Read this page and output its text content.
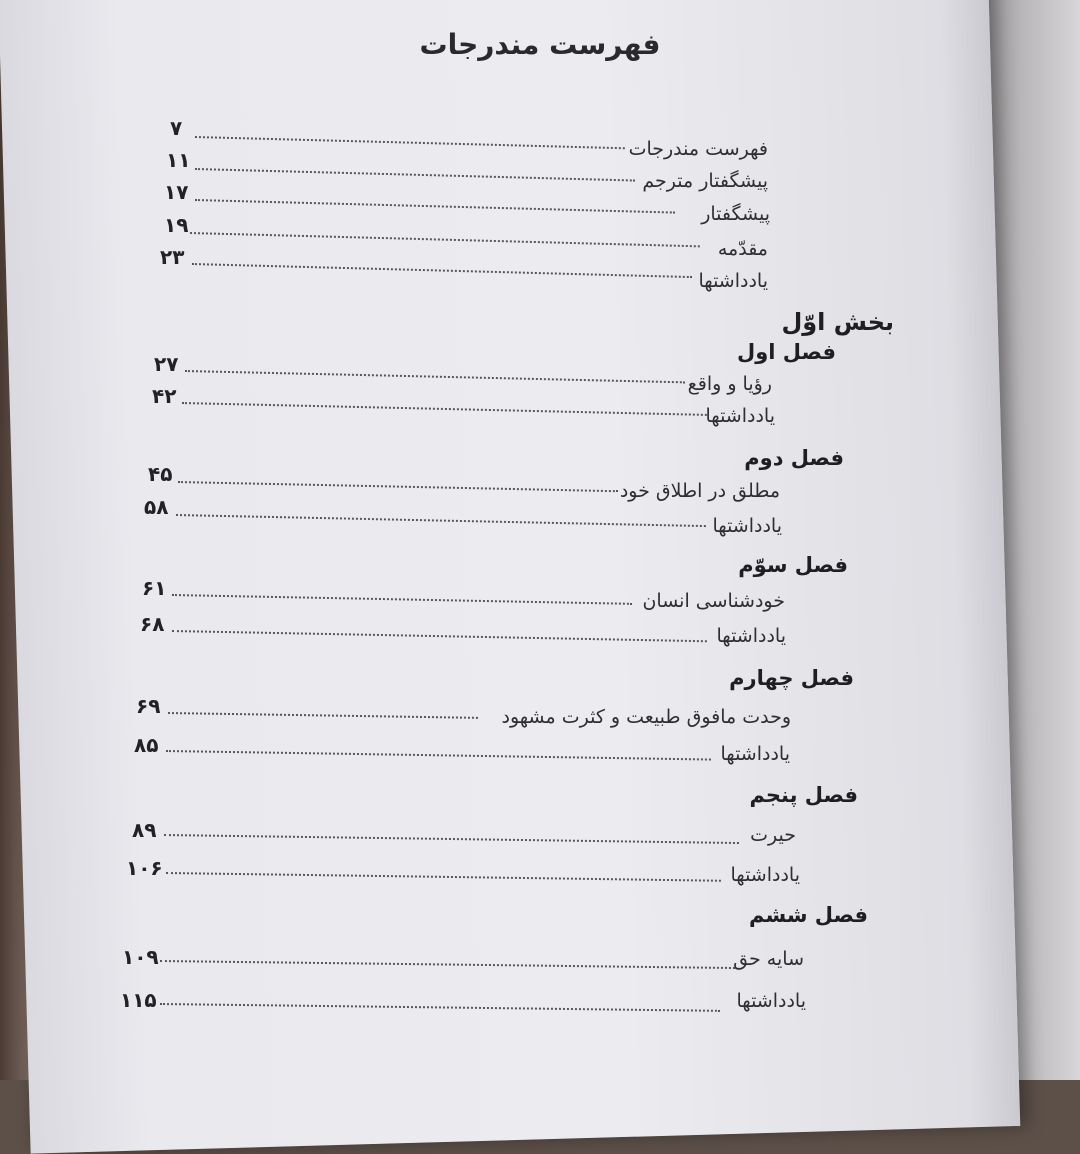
فهرست مندرجات
فهرست مندرجات
۷
پیشگفتار مترجم
۱۱
پیشگفتار
۱۷
مقدّمه
۱۹
یادداشتها
۲۳
بخش اوّل
فصل اول
رؤیا و واقع
۲۷
یادداشتها
۴۲
فصل دوم
مطلق در اطلاق خود
۴۵
یادداشتها
۵۸
فصل سوّم
خودشناسی انسان
۶۱
یادداشتها
۶۸
فصل چهارم
وحدت مافوق طبیعت و کثرت مشهود
۶۹
یادداشتها
۸۵
فصل پنجم
حیرت
۸۹
یادداشتها
۱۰۶
فصل ششم
سایه حق
۱۰۹
یادداشتها
۱۱۵
